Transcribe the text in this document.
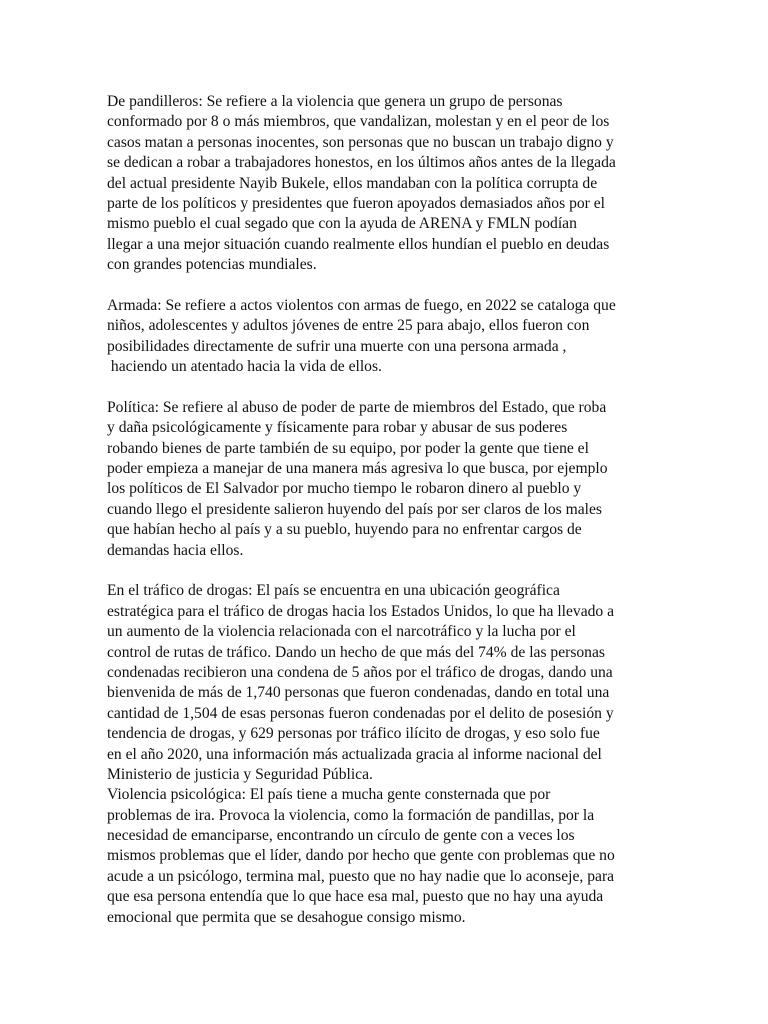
De pandilleros: Se refiere a la violencia que genera un grupo de personas
conformado por 8 o más miembros, que vandalizan, molestan y en el peor de los
casos matan a personas inocentes, son personas que no buscan un trabajo digno y
se dedican a robar a trabajadores honestos, en los últimos años antes de la llegada
del actual presidente Nayib Bukele, ellos mandaban con la política corrupta de
parte de los políticos y presidentes que fueron apoyados demasiados años por el
mismo pueblo el cual segado que con la ayuda de ARENA y FMLN podían
llegar a una mejor situación cuando realmente ellos hundían el pueblo en deudas
con grandes potencias mundiales.
Armada: Se refiere a actos violentos con armas de fuego, en 2022 se cataloga que
niños, adolescentes y adultos jóvenes de entre 25 para abajo, ellos fueron con
posibilidades directamente de sufrir una muerte con una persona armada ,
haciendo un atentado hacia la vida de ellos.
Política: Se refiere al abuso de poder de parte de miembros del Estado, que roba
y daña psicológicamente y físicamente para robar y abusar de sus poderes
robando bienes de parte también de su equipo, por poder la gente que tiene el
poder empieza a manejar de una manera más agresiva lo que busca, por ejemplo
los políticos de El Salvador por mucho tiempo le robaron dinero al pueblo y
cuando llego el presidente salieron huyendo del país por ser claros de los males
que habían hecho al país y a su pueblo, huyendo para no enfrentar cargos de
demandas hacia ellos.
En el tráfico de drogas: El país se encuentra en una ubicación geográfica
estratégica para el tráfico de drogas hacia los Estados Unidos, lo que ha llevado a
un aumento de la violencia relacionada con el narcotráfico y la lucha por el
control de rutas de tráfico. Dando un hecho de que más del 74% de las personas
condenadas recibieron una condena de 5 años por el tráfico de drogas, dando una
bienvenida de más de 1,740 personas que fueron condenadas, dando en total una
cantidad de 1,504 de esas personas fueron condenadas por el delito de posesión y
tendencia de drogas, y 629 personas por tráfico ilícito de drogas, y eso solo fue
en el año 2020, una información más actualizada gracia al informe nacional del
Ministerio de justicia y Seguridad Pública.
Violencia psicológica: El país tiene a mucha gente consternada que por
problemas de ira. Provoca la violencia, como la formación de pandillas, por la
necesidad de emanciparse, encontrando un círculo de gente con a veces los
mismos problemas que el líder, dando por hecho que gente con problemas que no
acude a un psicólogo, termina mal, puesto que no hay nadie que lo aconseje, para
que esa persona entendía que lo que hace esa mal, puesto que no hay una ayuda
emocional que permita que se desahogue consigo mismo.
